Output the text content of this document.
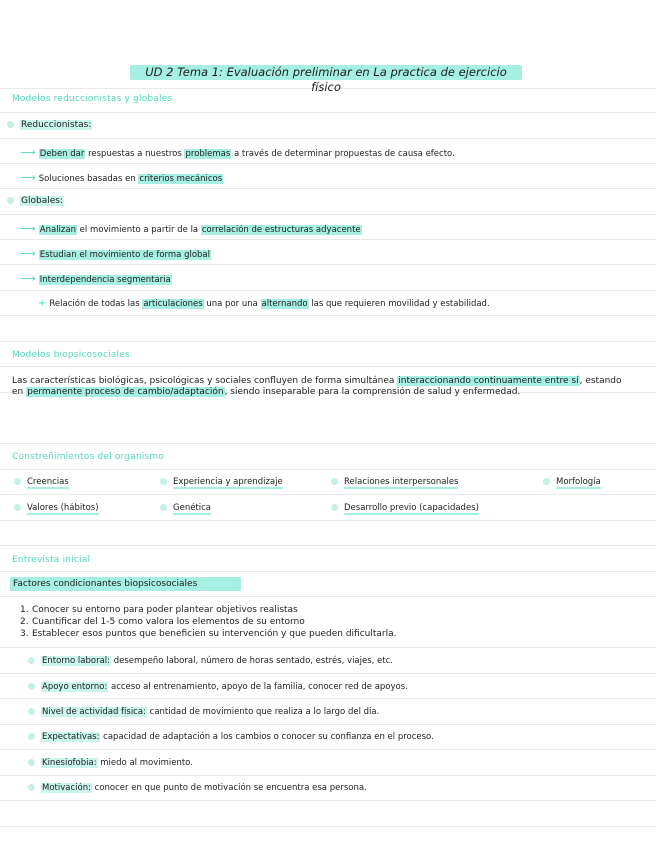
UD 2 Tema 1: Evaluación preliminar en La practica de ejercicio físico
Modelos reduccionistas y globales
Reduccionistas:
⟶ Deben dar respuestas a nuestros problemas a través de determinar propuestas de causa efecto.
⟶ Soluciones basadas en criterios mecánicos
Globales:
⟶ Analizan el movimiento a partir de la correlación de estructuras adyacente
⟶ Estudian el movimiento de forma global
⟶ Interdependencia segmentaria
+ Relación de todas las articulaciones una por una alternando las que requieren movilidad y estabilidad.
Modelos biopsicosociales
Las características biológicas, psicológicas y sociales confluyen de forma simultánea interaccionando continuamente entre sí, estando en permanente proceso de cambio/adaptación, siendo inseparable para la comprensión de salud y enfermedad.
Constreñimientos del organismo
Creencias	Experiencia y aprendizaje	Relaciones interpersonales	Morfología
Valores (hábitos)	Genética	Desarrollo previo (capacidades)
Entrevista inicial
Factores condicionantes biopsicosociales
1. Conocer su entorno para poder plantear objetivos realistas
2. Cuantificar del 1-5 como valora los elementos de su entorno
3. Establecer esos puntos que beneficien su intervención y que pueden dificultarla.
Entorno laboral: desempeño laboral, número de horas sentado, estrés, viajes, etc.
Apoyo entorno: acceso al entrenamiento, apoyo de la familia, conocer red de apoyos.
Nivel de actividad física: cantidad de movimiento que realiza a lo largo del día.
Expectativas: capacidad de adaptación a los cambios o conocer su confianza en el proceso.
Kinesiofobia: miedo al movimiento.
Motivación: conocer en que punto de motivación se encuentra esa persona.
